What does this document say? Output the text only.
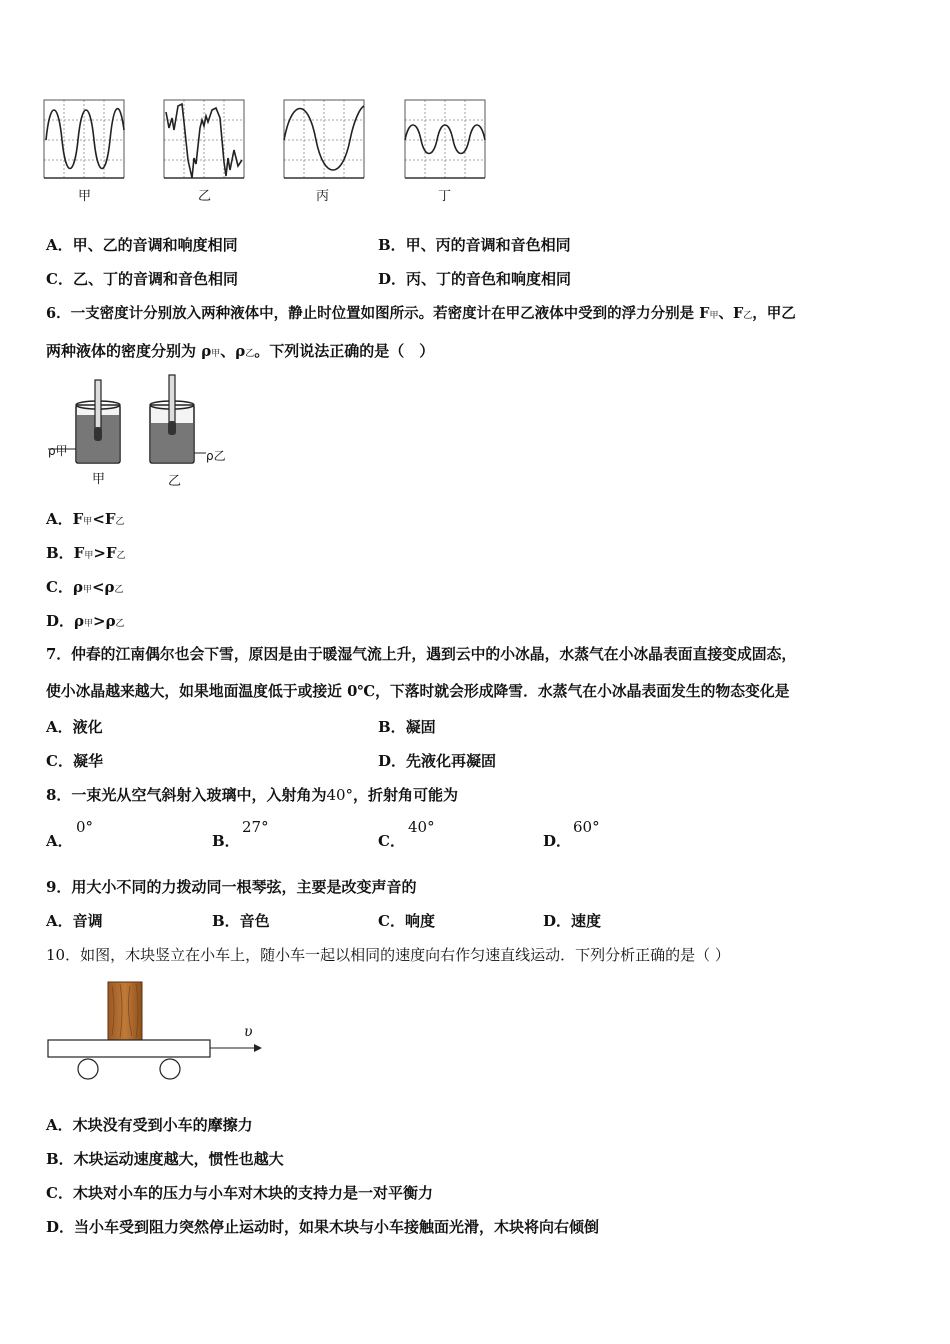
甲	乙	丙	丁
A．甲、乙的音调和响度相同	B．甲、丙的音调和音色相同
C．乙、丁的音调和音色相同	D．丙、丁的音色和响度相同
6．一支密度计分别放入两种液体中，静止时位置如图所示。若密度计在甲乙液体中受到的浮力分别是 F甲、F乙，甲乙
两种液体的密度分别为 ρ甲、ρ乙。下列说法正确的是（　）
ρ甲	ρ乙
甲	乙
A．F甲<F乙
B．F甲>F乙
C．ρ甲<ρ乙
D．ρ甲>ρ乙
7．仲春的江南偶尔也会下雪，原因是由于暖湿气流上升，遇到云中的小冰晶，水蒸气在小冰晶表面直接变成固态，
使小冰晶越来越大，如果地面温度低于或接近 0℃，下落时就会形成降雪．水蒸气在小冰晶表面发生的物态变化是
A．液化	B．凝固
C．凝华	D．先液化再凝固
8．一束光从空气斜射入玻璃中，入射角为40°，折射角可能为
A．
0°
B．
27°
C．
40°
D．
60°
9．用大小不同的力拨动同一根琴弦，主要是改变声音的
A．音调	B．音色	C．响度	D．速度
10．如图，木块竖立在小车上，随小车一起以相同的速度向右作匀速直线运动．下列分析正确的是（ ）
υ
A．木块没有受到小车的摩擦力
B．木块运动速度越大，惯性也越大
C．木块对小车的压力与小车对木块的支持力是一对平衡力
D．当小车受到阻力突然停止运动时，如果木块与小车接触面光滑，木块将向右倾倒
